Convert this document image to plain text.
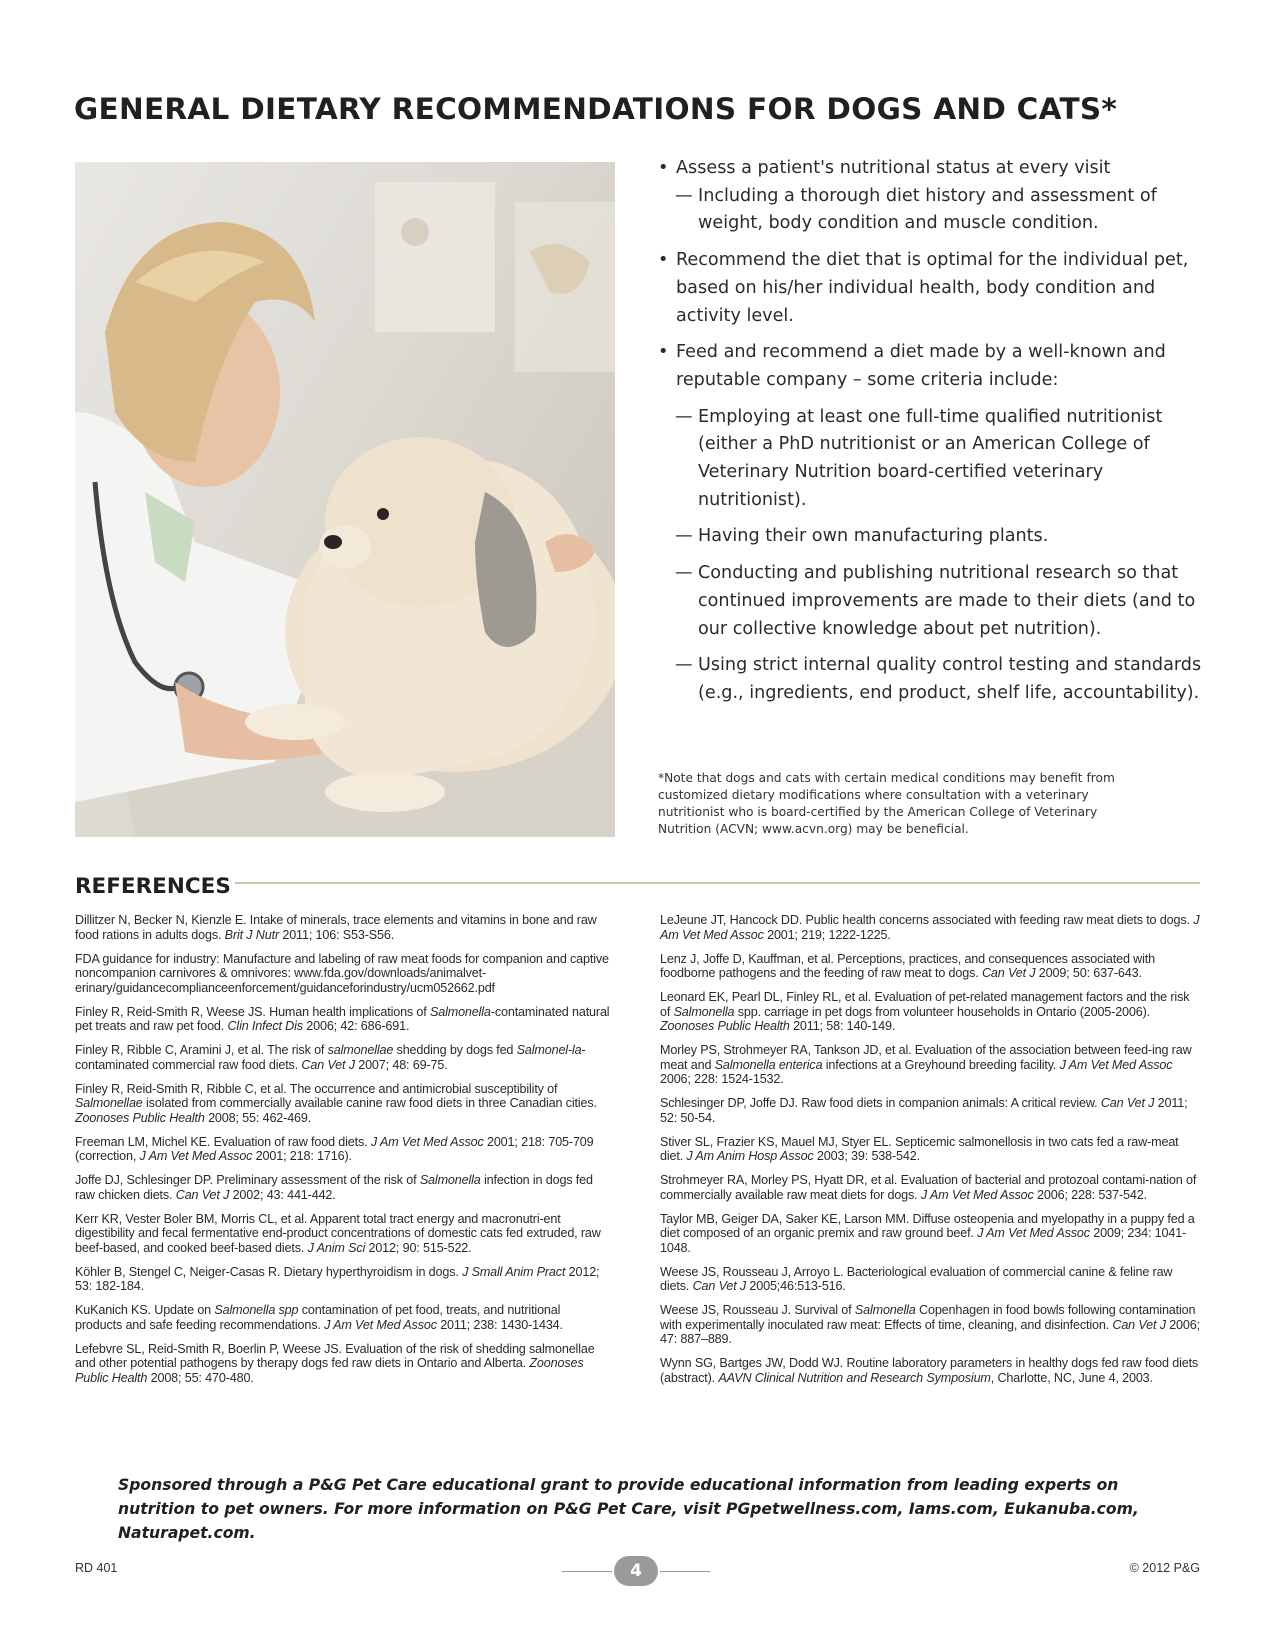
GENERAL DIETARY RECOMMENDATIONS FOR DOGS AND CATS*
• Assess a patient's nutritional status at every visit
— Including a thorough diet history and assessment of weight, body condition and muscle condition.
• Recommend the diet that is optimal for the individual pet, based on his/her individual health, body condition and activity level.
• Feed and recommend a diet made by a well-known and reputable company – some criteria include:
— Employing at least one full-time qualified nutritionist (either a PhD nutritionist or an American College of Veterinary Nutrition board-certified veterinary nutritionist).
— Having their own manufacturing plants.
— Conducting and publishing nutritional research so that continued improvements are made to their diets (and to our collective knowledge about pet nutrition).
— Using strict internal quality control testing and standards (e.g., ingredients, end product, shelf life, accountability).
*Note that dogs and cats with certain medical conditions may benefit from
customized dietary modifications where consultation with a veterinary
nutritionist who is board-certified by the American College of Veterinary
Nutrition (ACVN; www.acvn.org) may be beneficial.
REFERENCES

Dillitzer N, Becker N, Kienzle E. Intake of minerals, trace elements and vitamins in bone and raw food rations in adults dogs. Brit J Nutr 2011; 106: S53-S56.

FDA guidance for industry: Manufacture and labeling of raw meat foods for companion and captive noncompanion carnivores & omnivores: www.fda.gov/downloads/animalvet-erinary/guidancecomplianceenforcement/guidanceforindustry/ucm052662.pdf

Finley R, Reid-Smith R, Weese JS. Human health implications of Salmonella-contaminated natural pet treats and raw pet food. Clin Infect Dis 2006; 42: 686-691.

Finley R, Ribble C, Aramini J, et al. The risk of salmonellae shedding by dogs fed Salmonel-la-contaminated commercial raw food diets. Can Vet J 2007; 48: 69-75.

Finley R, Reid-Smith R, Ribble C, et al. The occurrence and antimicrobial susceptibility of Salmonellae isolated from commercially available canine raw food diets in three Canadian cities. Zoonoses Public Health 2008; 55: 462-469.

Freeman LM, Michel KE. Evaluation of raw food diets. J Am Vet Med Assoc 2001; 218: 705-709 (correction, J Am Vet Med Assoc 2001; 218: 1716).

Joffe DJ, Schlesinger DP. Preliminary assessment of the risk of Salmonella infection in dogs fed raw chicken diets. Can Vet J 2002; 43: 441-442.

Kerr KR, Vester Boler BM, Morris CL, et al. Apparent total tract energy and macronutri-ent digestibility and fecal fermentative end-product concentrations of domestic cats fed extruded, raw beef-based, and cooked beef-based diets. J Anim Sci 2012; 90: 515-522.

Köhler B, Stengel C, Neiger-Casas R. Dietary hyperthyroidism in dogs. J Small Anim Pract 2012; 53: 182-184.

KuKanich KS. Update on Salmonella spp contamination of pet food, treats, and nutritional products and safe feeding recommendations. J Am Vet Med Assoc 2011; 238: 1430-1434.

Lefebvre SL, Reid-Smith R, Boerlin P, Weese JS. Evaluation of the risk of shedding salmonellae and other potential pathogens by therapy dogs fed raw diets in Ontario and Alberta. Zoonoses Public Health 2008; 55: 470-480.

LeJeune JT, Hancock DD. Public health concerns associated with feeding raw meat diets to dogs. J Am Vet Med Assoc 2001; 219; 1222-1225.

Lenz J, Joffe D, Kauffman, et al. Perceptions, practices, and consequences associated with foodborne pathogens and the feeding of raw meat to dogs. Can Vet J 2009; 50: 637-643.

Leonard EK, Pearl DL, Finley RL, et al. Evaluation of pet-related management factors and the risk of Salmonella spp. carriage in pet dogs from volunteer households in Ontario (2005-2006). Zoonoses Public Health 2011; 58: 140-149.

Morley PS, Strohmeyer RA, Tankson JD, et al. Evaluation of the association between feed-ing raw meat and Salmonella enterica infections at a Greyhound breeding facility. J Am Vet Med Assoc 2006; 228: 1524-1532.

Schlesinger DP, Joffe DJ. Raw food diets in companion animals: A critical review. Can Vet J 2011; 52: 50-54.

Stiver SL, Frazier KS, Mauel MJ, Styer EL. Septicemic salmonellosis in two cats fed a raw-meat diet. J Am Anim Hosp Assoc 2003; 39: 538-542.

Strohmeyer RA, Morley PS, Hyatt DR, et al. Evaluation of bacterial and protozoal contami-nation of commercially available raw meat diets for dogs. J Am Vet Med Assoc 2006; 228: 537-542.

Taylor MB, Geiger DA, Saker KE, Larson MM. Diffuse osteopenia and myelopathy in a puppy fed a diet composed of an organic premix and raw ground beef. J Am Vet Med Assoc 2009; 234: 1041-1048.

Weese JS, Rousseau J, Arroyo L. Bacteriological evaluation of commercial canine & feline raw diets. Can Vet J 2005;46:513-516.

Weese JS, Rousseau J. Survival of Salmonella Copenhagen in food bowls following contamination with experimentally inoculated raw meat: Effects of time, cleaning, and disinfection. Can Vet J 2006; 47: 887–889.

Wynn SG, Bartges JW, Dodd WJ. Routine laboratory parameters in healthy dogs fed raw food diets (abstract). AAVN Clinical Nutrition and Research Symposium, Charlotte, NC, June 4, 2003.

Sponsored through a P&G Pet Care educational grant to provide educational information from leading experts on nutrition to pet owners. For more information on P&G Pet Care, visit PGpetwellness.com, Iams.com, Eukanuba.com, Naturapet.com.
RD 401	4	© 2012 P&G
